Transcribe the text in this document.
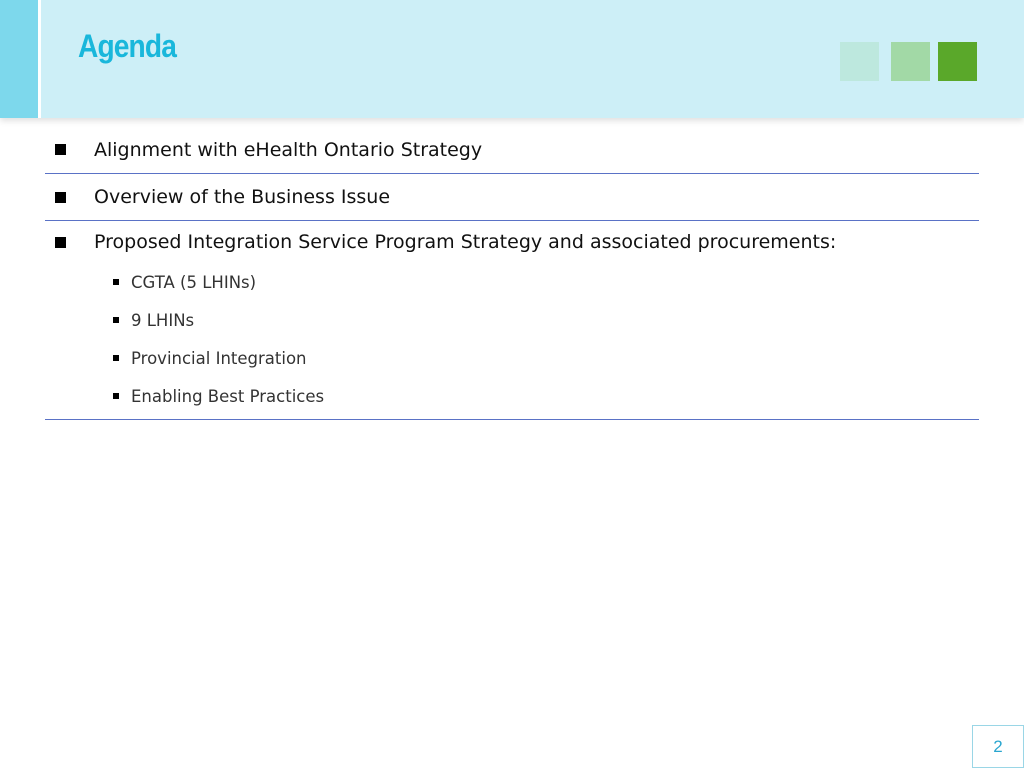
Agenda
Alignment with eHealth Ontario Strategy
Overview of the Business Issue
Proposed Integration Service Program Strategy and associated procurements:
CGTA (5 LHINs)
9 LHINs
Provincial Integration
Enabling Best Practices
2
